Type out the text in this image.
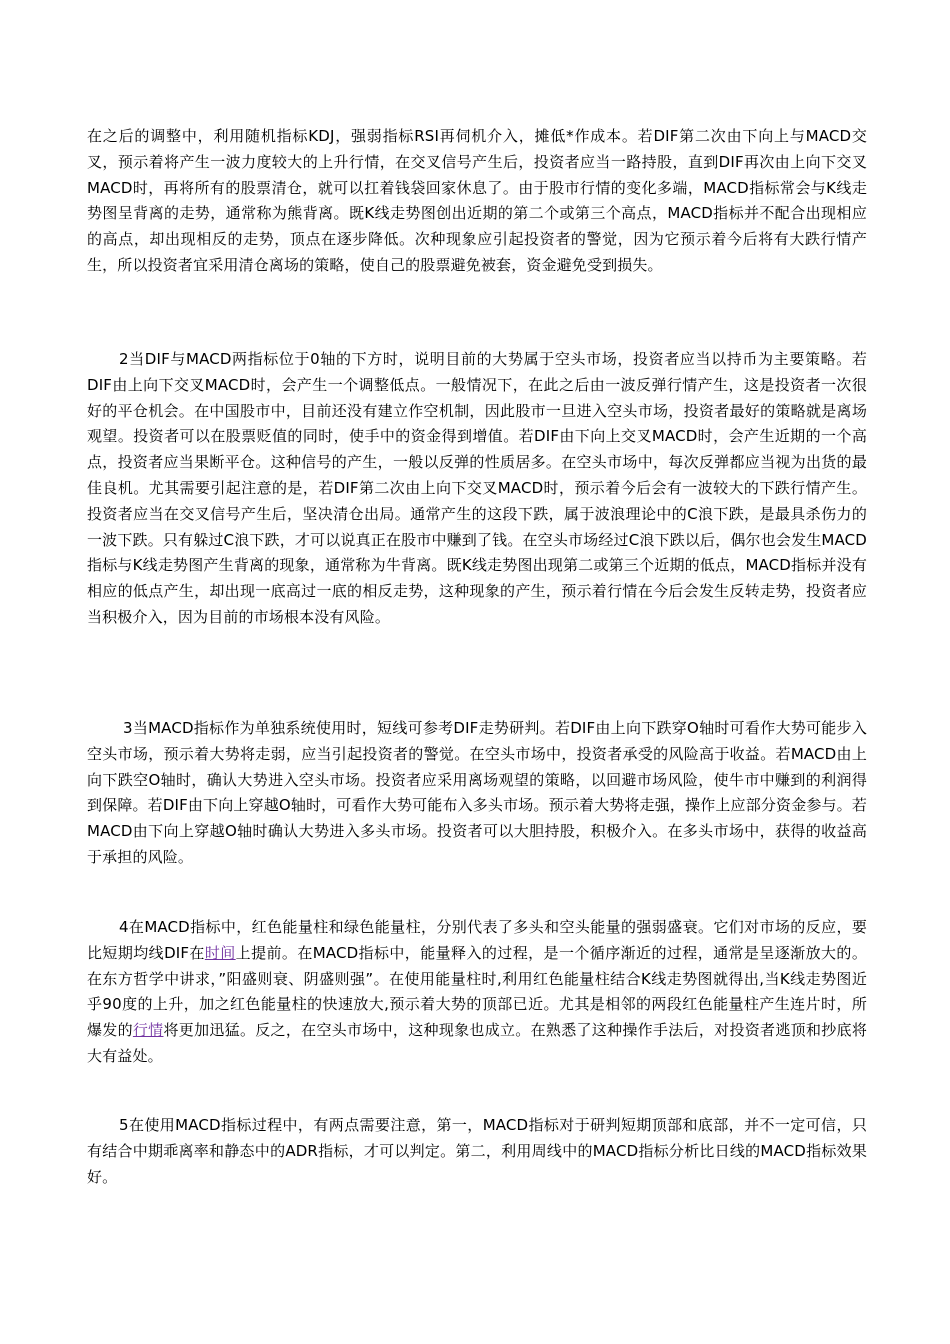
在之后的调整中，利用随机指标KDJ，强弱指标RSI再伺机介入，摊低*作成本。若DIF第二次由下向上与MACD交叉，预示着将产生一波力度较大的上升行情，在交叉信号产生后，投资者应当一路持股，直到DIF再次由上向下交叉MACD时，再将所有的股票清仓，就可以扛着钱袋回家休息了。由于股市行情的变化多端，MACD指标常会与K线走势图呈背离的走势，通常称为熊背离。既K线走势图创出近期的第二个或第三个高点，MACD指标并不配合出现相应的高点，却出现相反的走势，顶点在逐步降低。次种现象应引起投资者的警觉，因为它预示着今后将有大跌行情产生，所以投资者宜采用清仓离场的策略，使自己的股票避免被套，资金避免受到损失。

2当DIF与MACD两指标位于0轴的下方时，说明目前的大势属于空头市场，投资者应当以持币为主要策略。若DIF由上向下交叉MACD时，会产生一个调整低点。一般情况下，在此之后由一波反弹行情产生，这是投资者一次很好的平仓机会。在中国股市中，目前还没有建立作空机制，因此股市一旦进入空头市场，投资者最好的策略就是离场观望。投资者可以在股票贬值的同时，使手中的资金得到增值。若DIF由下向上交叉MACD时，会产生近期的一个高点，投资者应当果断平仓。这种信号的产生，一般以反弹的性质居多。在空头市场中，每次反弹都应当视为出货的最佳良机。尤其需要引起注意的是，若DIF第二次由上向下交叉MACD时，预示着今后会有一波较大的下跌行情产生。投资者应当在交叉信号产生后，坚决清仓出局。通常产生的这段下跌，属于波浪理论中的C浪下跌，是最具杀伤力的一波下跌。只有躲过C浪下跌，才可以说真正在股市中赚到了钱。在空头市场经过C浪下跌以后，偶尔也会发生MACD指标与K线走势图产生背离的现象，通常称为牛背离。既K线走势图出现第二或第三个近期的低点，MACD指标并没有相应的低点产生，却出现一底高过一底的相反走势，这种现象的产生，预示着行情在今后会发生反转走势，投资者应当积极介入，因为目前的市场根本没有风险。

3当MACD指标作为单独系统使用时，短线可参考DIF走势研判。若DIF由上向下跌穿O轴时可看作大势可能步入空头市场，预示着大势将走弱，应当引起投资者的警觉。在空头市场中，投资者承受的风险高于收益。若MACD由上向下跌空O轴时，确认大势进入空头市场。投资者应采用离场观望的策略，以回避市场风险，使牛市中赚到的利润得到保障。若DIF由下向上穿越O轴时，可看作大势可能布入多头市场。预示着大势将走强，操作上应部分资金参与。若MACD由下向上穿越O轴时确认大势进入多头市场。投资者可以大胆持股，积极介入。在多头市场中，获得的收益高于承担的风险。

4在MACD指标中，红色能量柱和绿色能量柱，分别代表了多头和空头能量的强弱盛衰。它们对市场的反应，要比短期均线DIF在时间上提前。在MACD指标中，能量释入的过程，是一个循序渐近的过程，通常是呈逐渐放大的。在东方哲学中讲求，”阳盛则衰、阴盛则强”。在使用能量柱时,利用红色能量柱结合K线走势图就得出,当K线走势图近乎90度的上升，加之红色能量柱的快速放大,预示着大势的顶部已近。尤其是相邻的两段红色能量柱产生连片时，所爆发的行情将更加迅猛。反之，在空头市场中，这种现象也成立。在熟悉了这种操作手法后，对投资者逃顶和抄底将大有益处。

5在使用MACD指标过程中，有两点需要注意，第一，MACD指标对于研判短期顶部和底部，并不一定可信，只有结合中期乖离率和静态中的ADR指标，才可以判定。第二，利用周线中的MACD指标分析比日线的MACD指标效果好。
